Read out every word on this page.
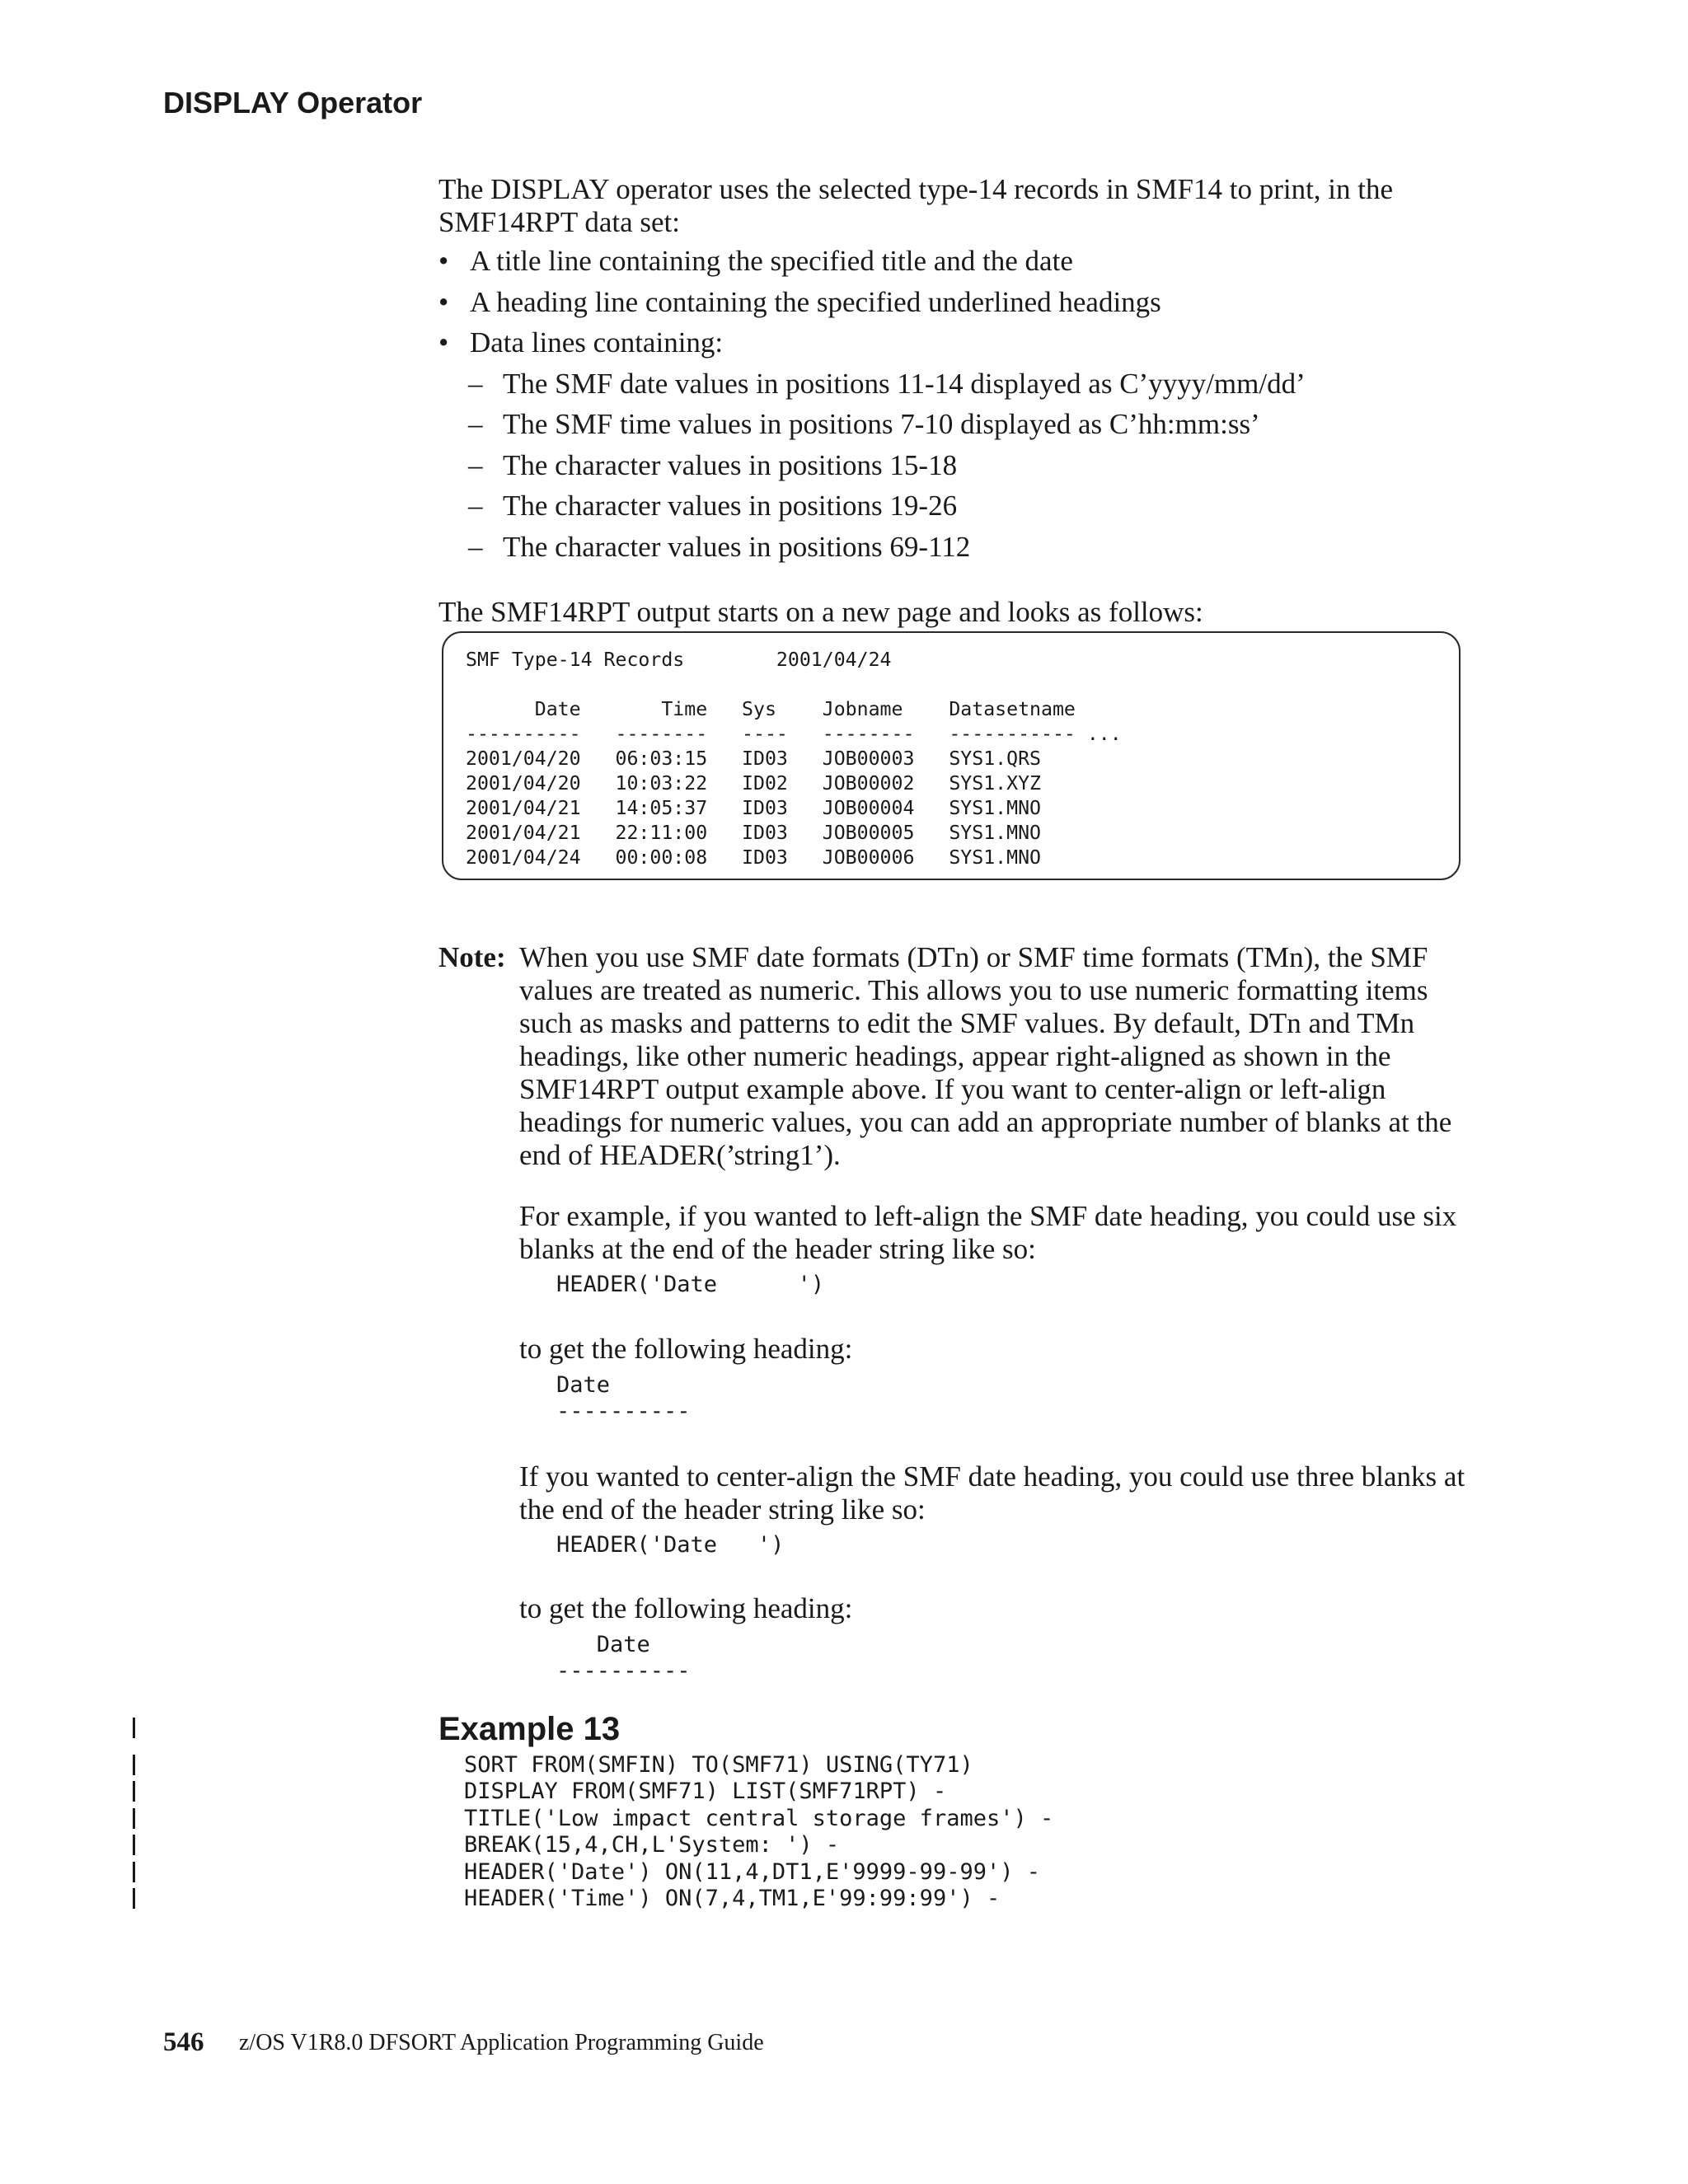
DISPLAY Operator
The DISPLAY operator uses the selected type-14 records in SMF14 to print, in the SMF14RPT data set:
• A title line containing the specified title and the date
• A heading line containing the specified underlined headings
• Data lines containing:
– The SMF date values in positions 11-14 displayed as C’yyyy/mm/dd’
– The SMF time values in positions 7-10 displayed as C’hh:mm:ss’
– The character values in positions 15-18
– The character values in positions 19-26
– The character values in positions 69-112
The SMF14RPT output starts on a new page and looks as follows:
SMF Type-14 Records        2001/04/24
Date       Time   Sys    Jobname    Datasetname
----------   --------   ----   --------   ----------- ...
2001/04/20   06:03:15   ID03   JOB00003   SYS1.QRS
2001/04/20   10:03:22   ID02   JOB00002   SYS1.XYZ
2001/04/21   14:05:37   ID03   JOB00004   SYS1.MNO
2001/04/21   22:11:00   ID03   JOB00005   SYS1.MNO
2001/04/24   00:00:08   ID03   JOB00006   SYS1.MNO
Note: When you use SMF date formats (DTn) or SMF time formats (TMn), the SMF values are treated as numeric. This allows you to use numeric formatting items such as masks and patterns to edit the SMF values. By default, DTn and TMn headings, like other numeric headings, appear right-aligned as shown in the SMF14RPT output example above. If you want to center-align or left-align headings for numeric values, you can add an appropriate number of blanks at the end of HEADER(’string1’).
For example, if you wanted to left-align the SMF date heading, you could use six blanks at the end of the header string like so:
HEADER('Date      ')
to get the following heading:
Date
----------
If you wanted to center-align the SMF date heading, you could use three blanks at the end of the header string like so:
HEADER('Date   ')
to get the following heading:
Date
----------
Example 13
SORT FROM(SMFIN) TO(SMF71) USING(TY71)
DISPLAY FROM(SMF71) LIST(SMF71RPT) -
TITLE('Low impact central storage frames') -
BREAK(15,4,CH,L'System: ') -
HEADER('Date') ON(11,4,DT1,E'9999-99-99') -
HEADER('Time') ON(7,4,TM1,E'99:99:99') -
546 z/OS V1R8.0 DFSORT Application Programming Guide
